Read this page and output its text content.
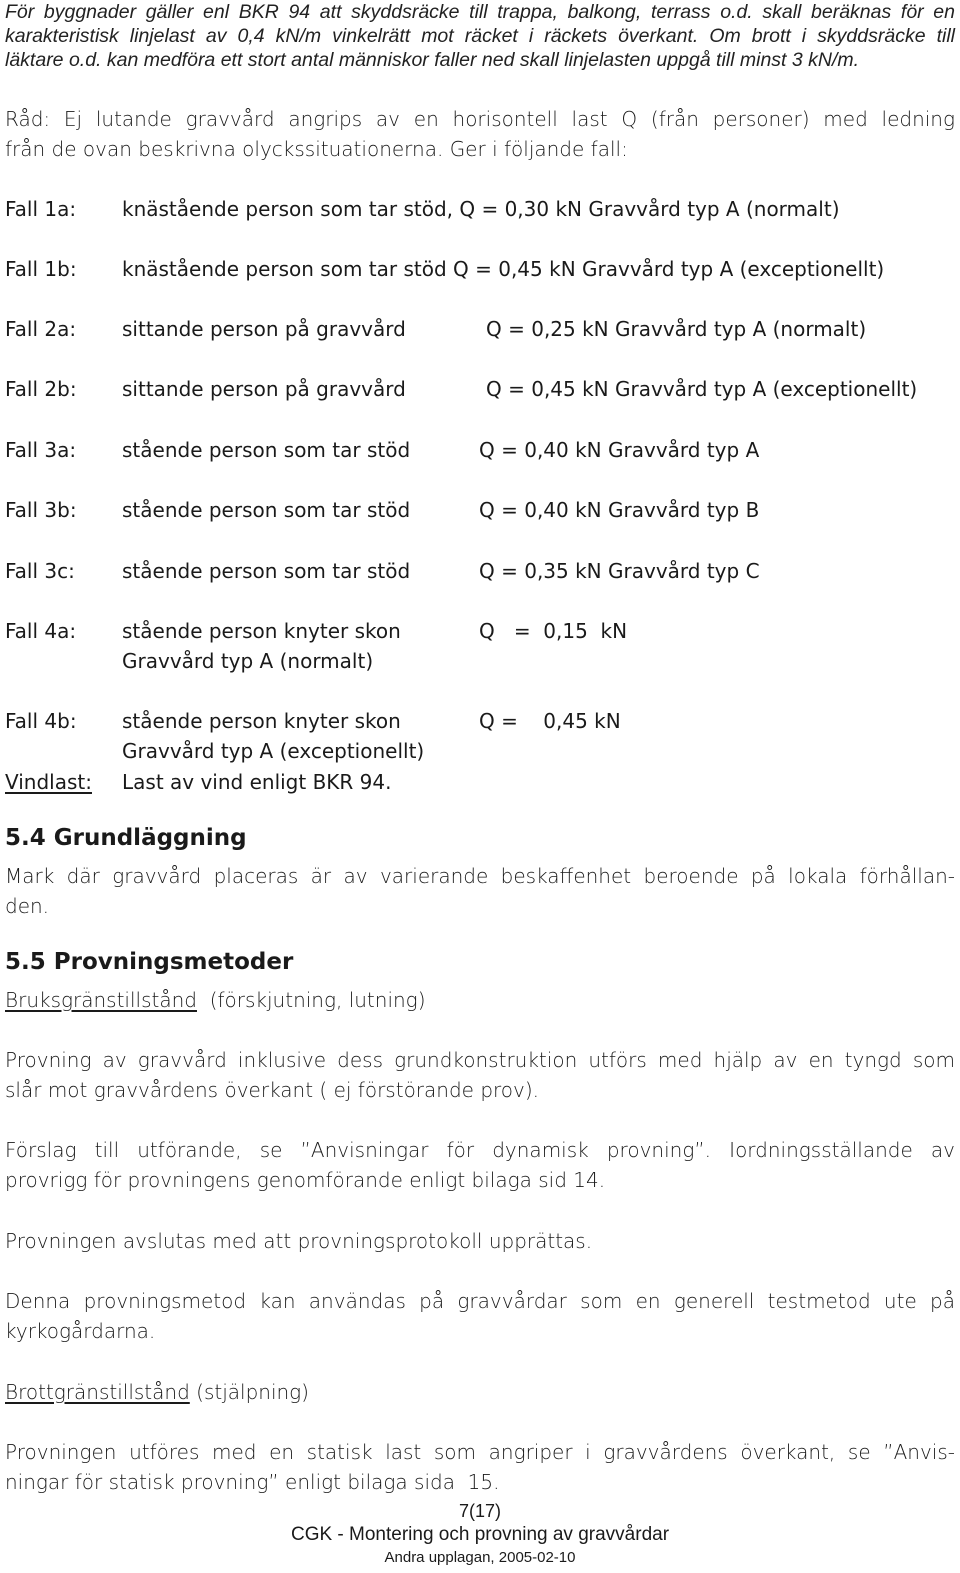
För byggnader gäller enl BKR 94 att skyddsräcke till trappa, balkong, terrass o.d. skall beräknas för en
karakteristisk linjelast av 0,4 kN/m vinkelrätt mot räcket i räckets överkant. Om brott i skyddsräcke till
läktare o.d. kan medföra ett stort antal människor faller ned skall linjelasten uppgå till minst 3 kN/m.
Råd: Ej lutande gravvård angrips av en horisontell last Q (från personer) med ledning
från de ovan beskrivna olyckssituationerna. Ger i följande fall:
Fall 1a: knästående person som tar stöd, Q = 0,30 kN Gravvård typ A (normalt)
Fall 1b: knästående person som tar stöd Q = 0,45 kN Gravvård typ A (exceptionellt)
Fall 2a: sittande person på gravvård	Q = 0,25 kN Gravvård typ A (normalt)
Fall 2b: sittande person på gravvård	Q = 0,45 kN Gravvård typ A (exceptionellt)
Fall 3a: stående person som tar stöd	Q = 0,40 kN Gravvård typ A
Fall 3b: stående person som tar stöd	Q = 0,40 kN Gravvård typ B
Fall 3c: stående person som tar stöd	Q = 0,35 kN Gravvård typ C
Fall 4a: stående person knyter skon	Q   =  0,15  kN
Gravvård typ A (normalt)
Fall 4b: stående person knyter skon	Q =    0,45 kN
Gravvård typ A (exceptionellt)
Vindlast: Last av vind enligt BKR 94.
5.4 Grundläggning
Mark där gravvård placeras är av varierande beskaffenhet beroende på lokala förhållan-
den.
5.5 Provningsmetoder
Bruksgränstillstånd  (förskjutning, lutning)
Provning av gravvård inklusive dess grundkonstruktion utförs med hjälp av en tyngd som
slår mot gravvårdens överkant ( ej förstörande prov).
Förslag till utförande, se ”Anvisningar för dynamisk provning”. Iordningsställande av
provrigg för provningens genomförande enligt bilaga sid 14.
Provningen avslutas med att provningsprotokoll upprättas.
Denna provningsmetod kan användas på gravvårdar som en generell testmetod ute på
kyrkogårdarna.
Brottgränstillstånd (stjälpning)
Provningen utföres med en statisk last som angriper i gravvårdens överkant, se ”Anvis-
ningar för statisk provning” enligt bilaga sida  15.
7(17)
CGK - Montering och provning av gravvårdar
Andra upplagan, 2005-02-10
